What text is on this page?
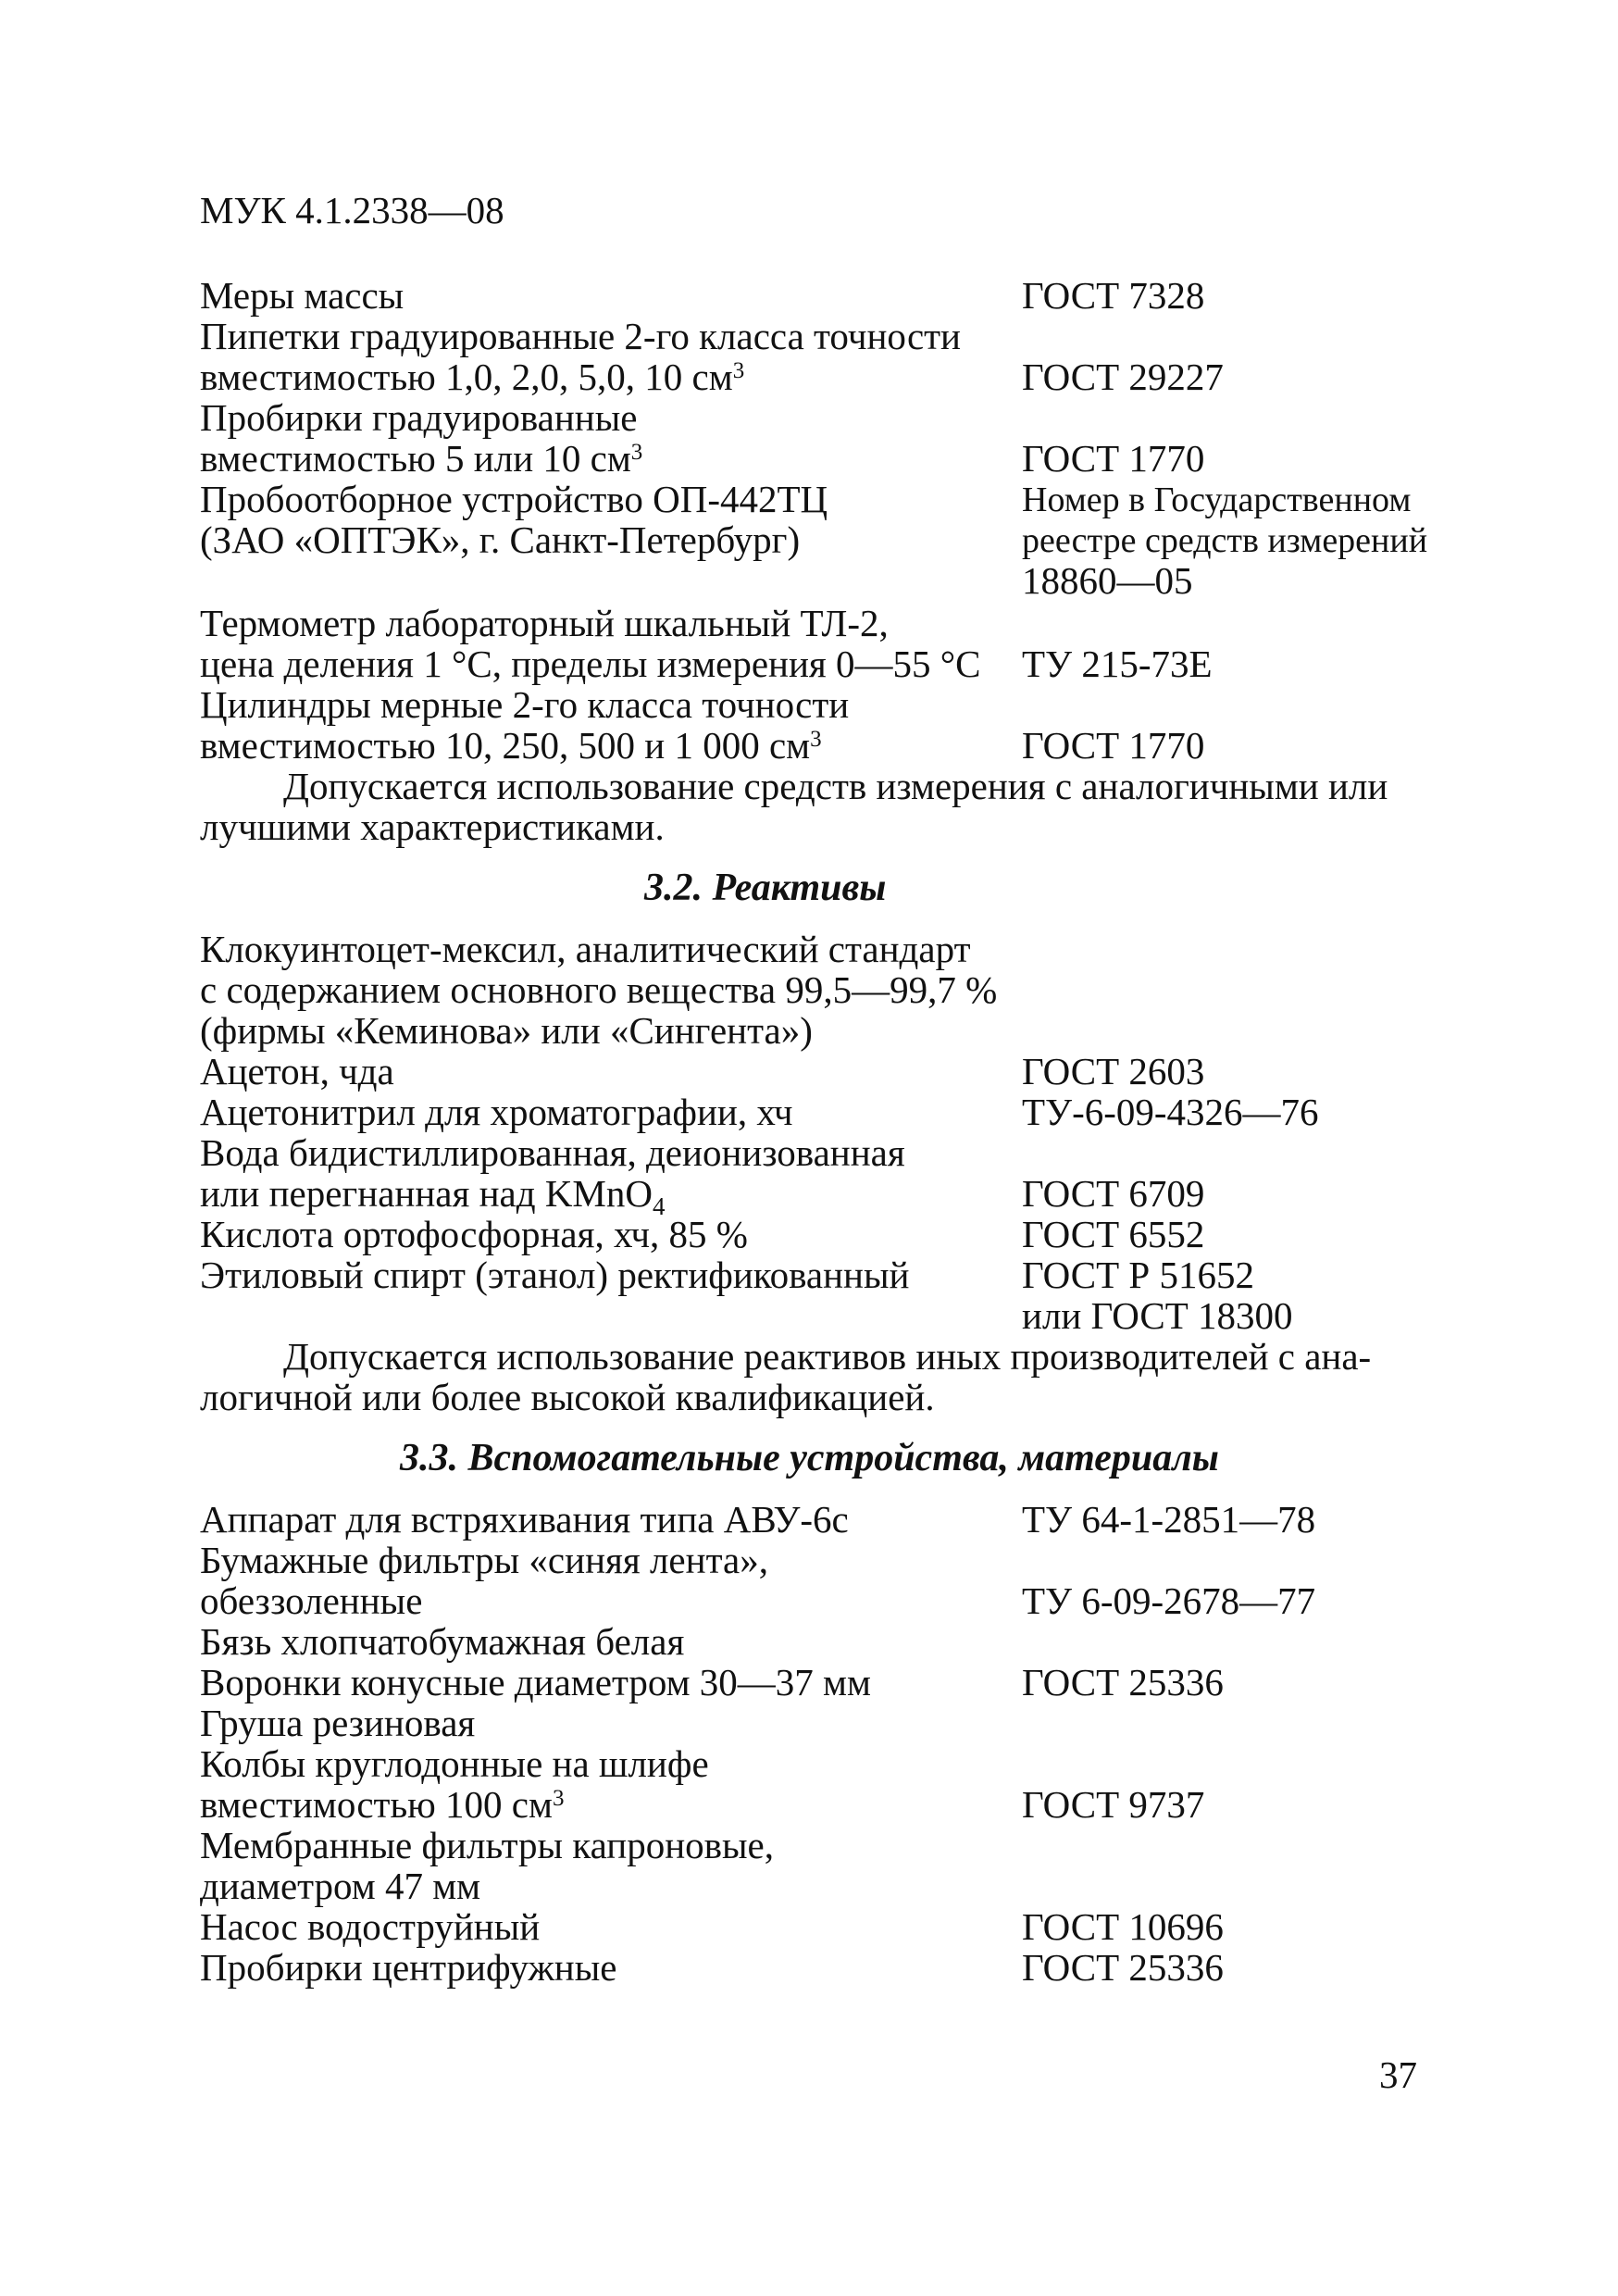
МУК 4.1.2338—08
Меры массы	ГОСТ 7328
Пипетки градуированные 2-го класса точности
вместимостью 1,0, 2,0, 5,0, 10 $см^3$	ГОСТ 29227
Пробирки градуированные
вместимостью 5 или 10 $см^3$	ГОСТ 1770
Пробоотборное устройство ОП-442ТЦ	Номер в Государственном
(ЗАО «ОПТЭК», г. Санкт-Петербург)	реестре средств измерений
18860—05
Термометр лабораторный шкальный ТЛ-2,
цена деления 1 °С, пределы измерения 0—55 °С ТУ 215-73Е
Цилиндры мерные 2-го класса точности
вместимостью 10, 250, 500 и 1 000 $см^3$	ГОСТ 1770
Допускается использование средств измерения с аналогичными или
лучшими характеристиками.
3.2. Реактивы
Клокуинтоцет-мексил, аналитический стандарт
с содержанием основного вещества 99,5—99,7 %
(фирмы «Кеминова» или «Сингента»)
Ацетон, чда	ГОСТ 2603
Ацетонитрил для хроматографии, хч	ТУ-6-09-4326—76
Вода бидистиллированная, деионизованная
или перегнанная над KMnO$_4$	ГОСТ 6709
Кислота ортофосфорная, хч, 85 %	ГОСТ 6552
Этиловый спирт (этанол) ректификованный	ГОСТ Р 51652
или ГОСТ 18300
Допускается использование реактивов иных производителей с ана-
логичной или более высокой квалификацией.
3.3. Вспомогательные устройства, материалы
Аппарат для встряхивания типа АВУ-6с	ТУ 64-1-2851—78
Бумажные фильтры «синяя лента»,
обеззоленные	ТУ 6-09-2678—77
Бязь хлопчатобумажная белая
Воронки конусные диаметром 30—37 мм	ГОСТ 25336
Груша резиновая
Колбы круглодонные на шлифе
вместимостью 100 $см^3$	ГОСТ 9737
Мембранные фильтры капроновые,
диаметром 47 мм
Насос водоструйный	ГОСТ 10696
Пробирки центрифужные	ГОСТ 25336
37
